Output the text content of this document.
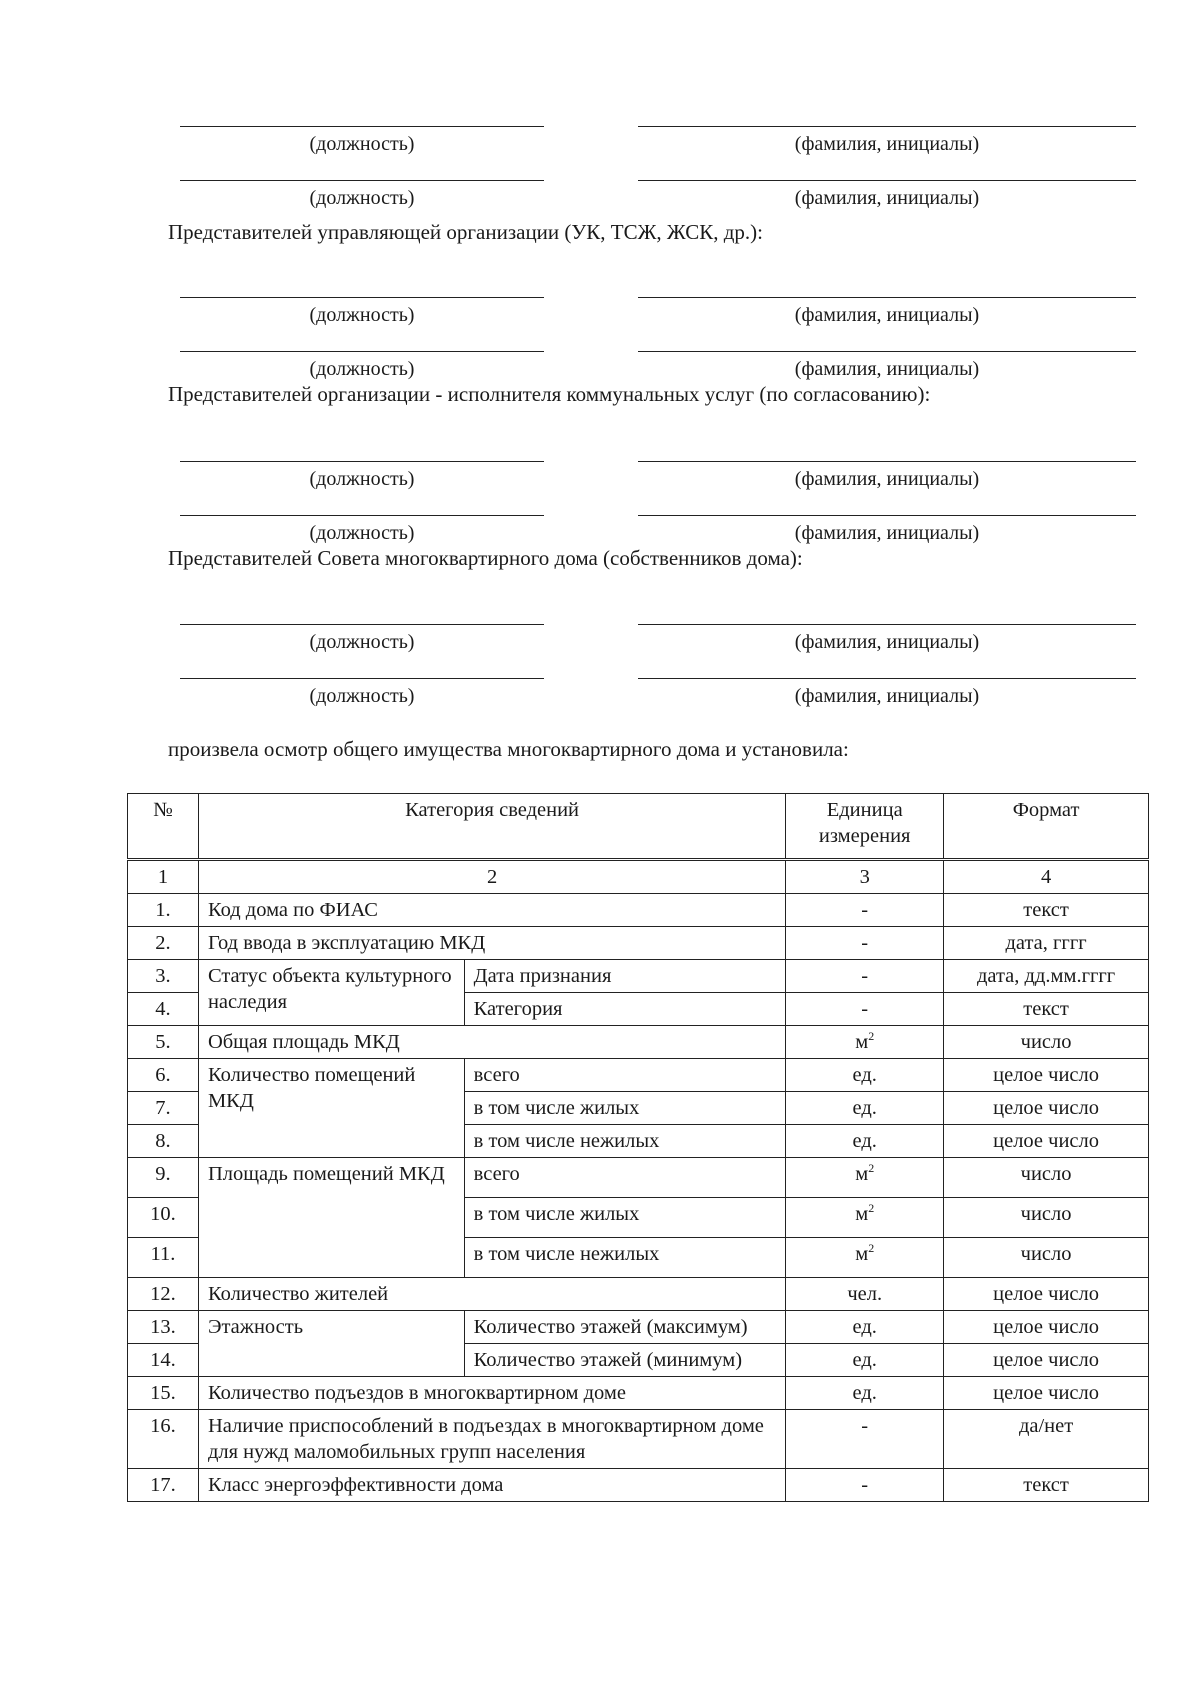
(должность)	(фамилия, инициалы)
(должность)	(фамилия, инициалы)
Представителей управляющей организации (УК, ТСЖ, ЖСК, др.):
(должность)	(фамилия, инициалы)
(должность)	(фамилия, инициалы)
Представителей организации - исполнителя коммунальных услуг (по согласованию):
(должность)	(фамилия, инициалы)
(должность)	(фамилия, инициалы)
Представителей Совета многоквартирного дома (собственников дома):
(должность)	(фамилия, инициалы)
(должность)	(фамилия, инициалы)
произвела осмотр общего имущества многоквартирного дома и установила:
№	Категория сведений		Единица измерения	Формат
1	2		3	4
1.	Код дома по ФИАС		-	текст
2.	Год ввода в эксплуатацию МКД		-	дата, гггг
3.	Статус объекта культурного наследия	Дата признания	-	дата, дд.мм.гггг
4.		Категория	-	текст
5.	Общая площадь МКД		$м^2$	число
6.	Количество помещений МКД	всего	ед.	целое число
7.		в том числе жилых	ед.	целое число
8.		в том числе нежилых	ед.	целое число
9.	Площадь помещений МКД	всего	$м^2$	число
10.		в том числе жилых	$м^2$	число
11.		в том числе нежилых	$м^2$	число
12.	Количество жителей		чел.	целое число
13.	Этажность	Количество этажей (максимум)	ед.	целое число
14.		Количество этажей (минимум)	ед.	целое число
15.	Количество подъездов в многоквартирном доме		ед.	целое число
16.	Наличие приспособлений в подъездах в многоквартирном доме для нужд маломобильных групп населения		-	да/нет
17.	Класс энергоэффективности дома		-	текст
